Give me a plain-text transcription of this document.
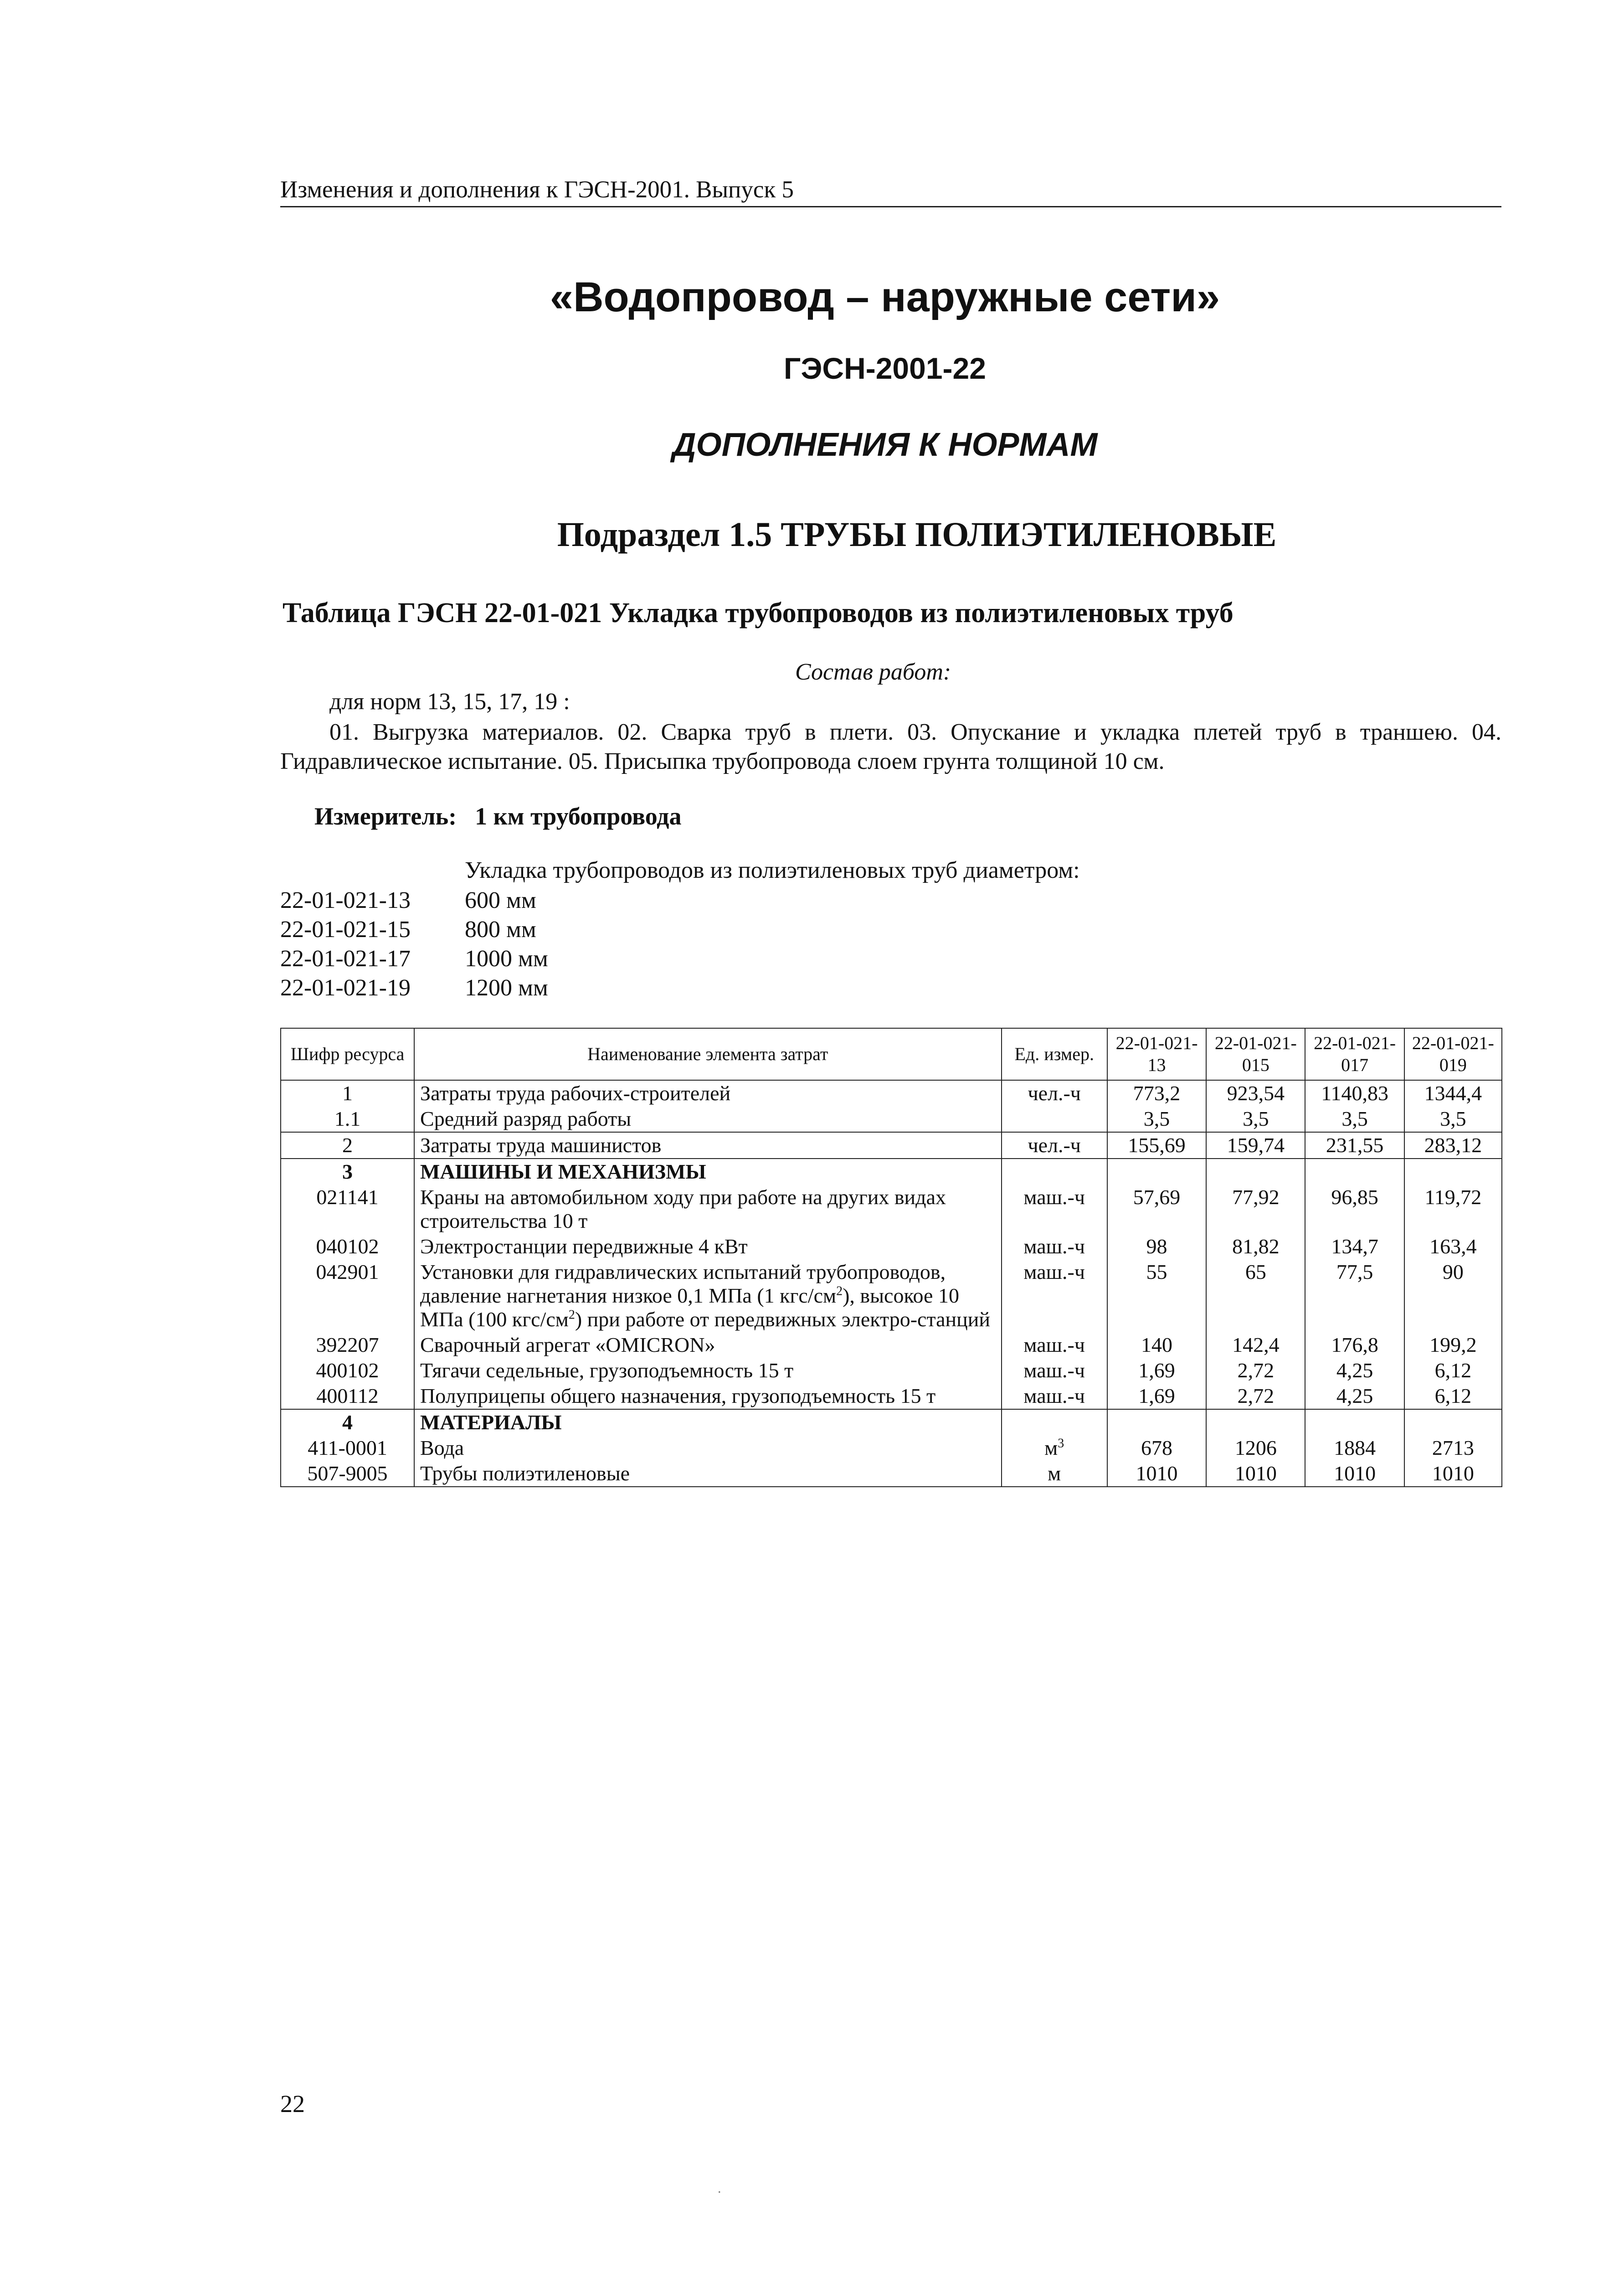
Изменения и дополнения к ГЭСН-2001. Выпуск 5
«Водопровод – наружные сети»
ГЭСН-2001-22
ДОПОЛНЕНИЯ К НОРМАМ
Подраздел 1.5 ТРУБЫ ПОЛИЭТИЛЕНОВЫЕ
Таблица ГЭСН 22-01-021 Укладка трубопроводов из полиэтиленовых труб
Состав работ:
для норм 13, 15, 17, 19 :
01. Выгрузка материалов. 02. Сварка труб в плети. 03. Опускание и укладка плетей труб в траншею. 04. Гидравлическое испытание. 05. Присыпка трубопровода слоем грунта толщиной 10 см.
Измеритель: 1 км трубопровода
Укладка трубопроводов из полиэтиленовых труб диаметром:
22-01-021-13	600 мм
22-01-021-15	800 мм
22-01-021-17	1000 мм
22-01-021-19	1200 мм
Шифр ресурса	Наименование элемента затрат	Ед. измер.	22-01-021-13	22-01-021-015	22-01-021-017	22-01-021-019
1	Затраты труда рабочих-строителей	чел.-ч	773,2	923,54	1140,83	1344,4
1.1	Средний разряд работы		3,5	3,5	3,5	3,5
2	Затраты труда машинистов	чел.-ч	155,69	159,74	231,55	283,12
3	МАШИНЫ И МЕХАНИЗМЫ					
021141	Краны на автомобильном ходу при работе на других видах строительства 10 т	маш.-ч	57,69	77,92	96,85	119,72
040102	Электростанции передвижные 4 кВт	маш.-ч	98	81,82	134,7	163,4
042901	Установки для гидравлических испытаний трубопроводов, давление нагнетания низкое 0,1 МПа (1 кгс/$см^2$), высокое 10 МПа (100 кгс/$см^2$) при работе от передвижных электро-станций	маш.-ч	55	65	77,5	90
392207	Сварочный агрегат «OMICRON»	маш.-ч	140	142,4	176,8	199,2
400102	Тягачи седельные, грузоподъемность 15 т	маш.-ч	1,69	2,72	4,25	6,12
400112	Полуприцепы общего назначения, грузоподъемность 15 т	маш.-ч	1,69	2,72	4,25	6,12
4	МАТЕРИАЛЫ					
411-0001	Вода	$м^3$	678	1206	1884	2713
507-9005	Трубы полиэтиленовые	м	1010	1010	1010	1010
22
.
